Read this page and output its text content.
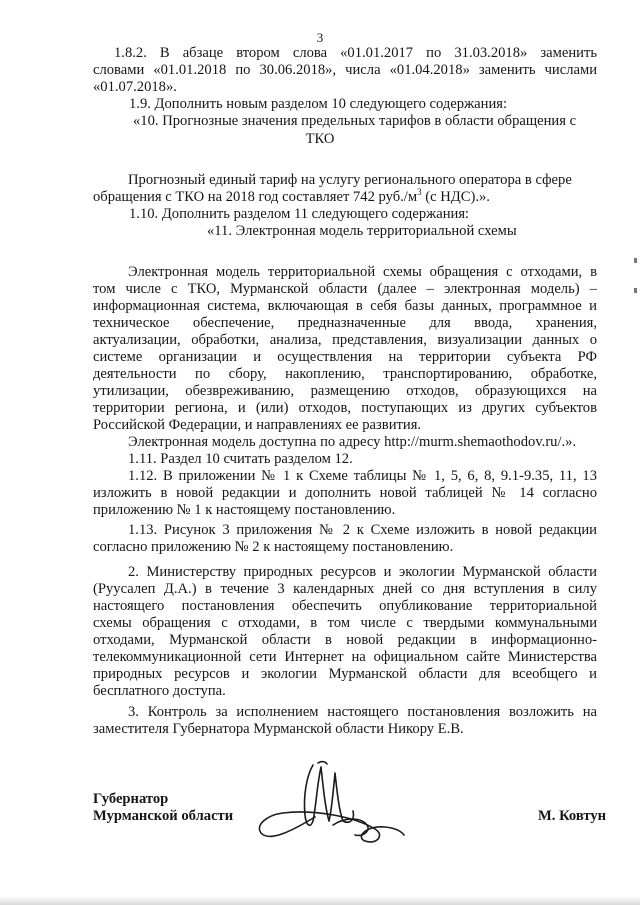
3
1.8.2. В абзаце втором слова «01.01.2017 по 31.03.2018» заменить
словами «01.01.2018 по 30.06.2018», числа «01.04.2018» заменить числами
«01.07.2018».
1.9. Дополнить новым разделом 10 следующего содержания:
«10. Прогнозные значения предельных тарифов в области обращения с
ТКО
Прогнозный единый тариф на услугу регионального оператора в сфере
обращения с ТКО на 2018 год составляет 742 $руб./м^3$ (с НДС).».
1.10. Дополнить разделом 11 следующего содержания:
«11. Электронная модель территориальной схемы
Электронная модель территориальной схемы обращения с отходами, в
том числе с ТКО, Мурманской области (далее – электронная модель) –
информационная система, включающая в себя базы данных, программное и
техническое обеспечение, предназначенные для ввода, хранения,
актуализации, обработки, анализа, представления, визуализации данных о
системе организации и осуществления на территории субъекта РФ
деятельности по сбору, накоплению, транспортированию, обработке,
утилизации, обезвреживанию, размещению отходов, образующихся на
территории региона, и (или) отходов, поступающих из других субъектов
Российской Федерации, и направлениях ее развития.
Электронная модель доступна по адресу http://murm.shemaothodov.ru/.».
1.11. Раздел 10 считать разделом 12.
1.12. В приложении № 1 к Схеме таблицы № 1, 5, 6, 8, 9.1-9.35, 11, 13
изложить в новой редакции и дополнить новой таблицей № 14 согласно
приложению № 1 к настоящему постановлению.
1.13. Рисунок 3 приложения № 2 к Схеме изложить в новой редакции
согласно приложению № 2 к настоящему постановлению.
2. Министерству природных ресурсов и экологии Мурманской области
(Руусалеп Д.А.) в течение 3 календарных дней со дня вступления в силу
настоящего постановления обеспечить опубликование территориальной
схемы обращения с отходами, в том числе с твердыми коммунальными
отходами, Мурманской области в новой редакции в информационно-
телекоммуникационной сети Интернет на официальном сайте Министерства
природных ресурсов и экологии Мурманской области для всеобщего и
бесплатного доступа.
3. Контроль за исполнением настоящего постановления возложить на
заместителя Губернатора Мурманской области Никору Е.В.
Губернатор
Мурманской области	М. Ковтун
